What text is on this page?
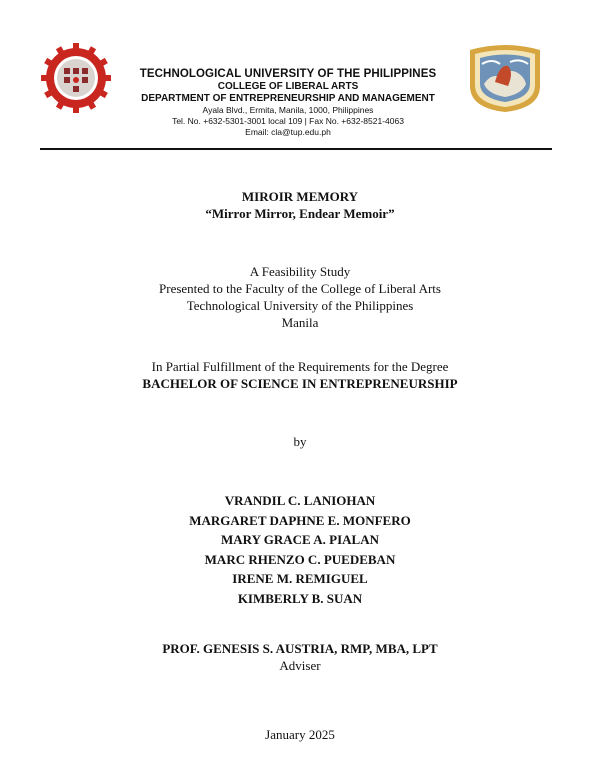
TECHNOLOGICAL UNIVERSITY OF THE PHILIPPINES
COLLEGE OF LIBERAL ARTS
DEPARTMENT OF ENTREPRENEURSHIP AND MANAGEMENT
Ayala Blvd., Ermita, Manila, 1000, Philippines
Tel. No. +632-5301-3001 local 109 | Fax No. +632-8521-4063
Email: cla@tup.edu.ph
MIROIR MEMORY
“Mirror Mirror, Endear Memoir”
A Feasibility Study
Presented to the Faculty of the College of Liberal Arts
Technological University of the Philippines
Manila
In Partial Fulfillment of the Requirements for the Degree
BACHELOR OF SCIENCE IN ENTREPRENEURSHIP
by
VRANDIL C. LANIOHAN
MARGARET DAPHNE E. MONFERO
MARY GRACE A. PIALAN
MARC RHENZO C. PUEDEBAN
IRENE M. REMIGUEL
KIMBERLY B. SUAN
PROF. GENESIS S. AUSTRIA, RMP, MBA, LPT
Adviser
January 2025
